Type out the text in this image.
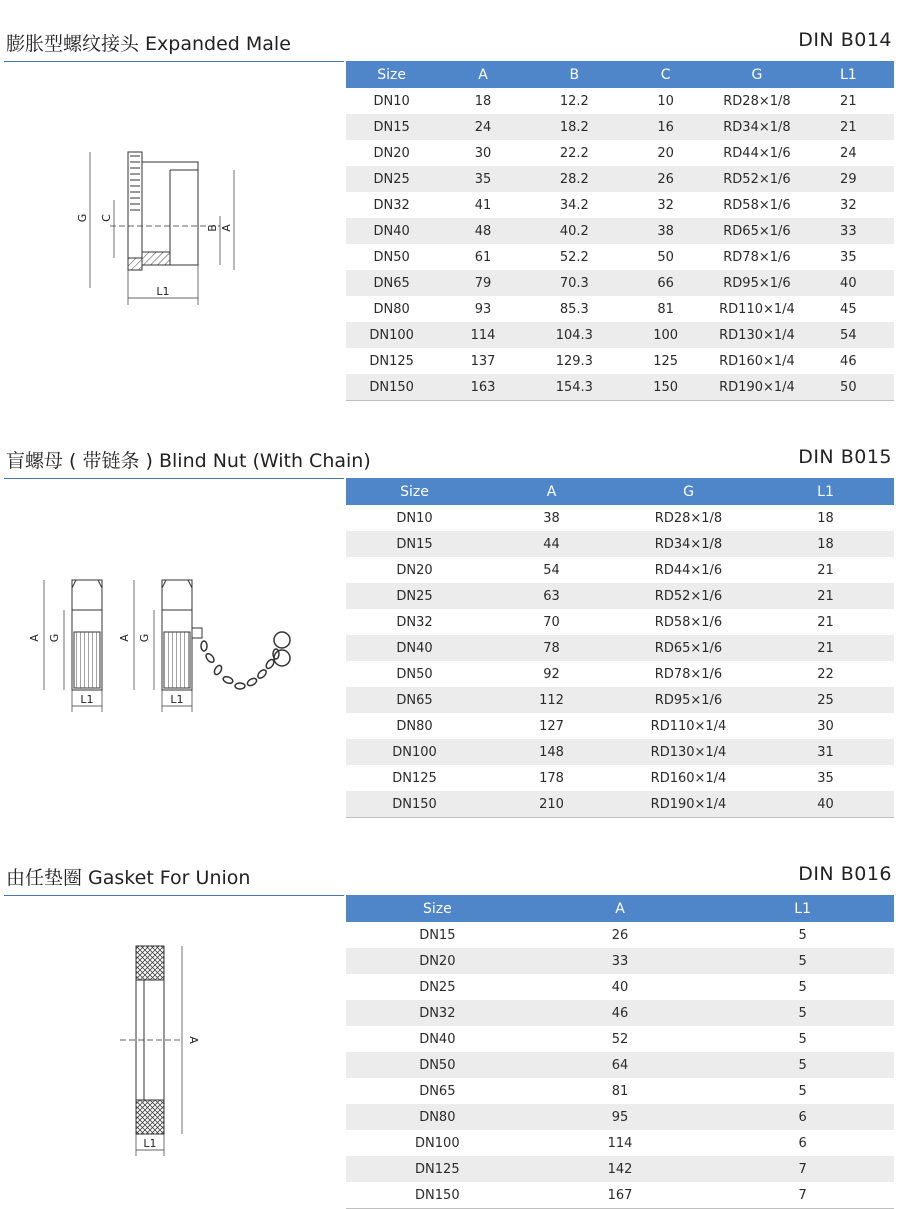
膨胀型螺纹接头 Expanded Male	DIN B014
G C
B A
L1
Size	A	B	C	G	L1
DN10	18	12.2	10	RD28×1/8	21
DN15	24	18.2	16	RD34×1/8	21
DN20	30	22.2	20	RD44×1/6	24
DN25	35	28.2	26	RD52×1/6	29
DN32	41	34.2	32	RD58×1/6	32
DN40	48	40.2	38	RD65×1/6	33
DN50	61	52.2	50	RD78×1/6	35
DN65	79	70.3	66	RD95×1/6	40
DN80	93	85.3	81	RD110×1/4	45
DN100	114	104.3	100	RD130×1/4	54
DN125	137	129.3	125	RD160×1/4	46
DN150	163	154.3	150	RD190×1/4	50
盲螺母 ( 带链条 ) Blind Nut (With Chain)	DIN B015
A G
L1
A G
L1
Size	A	G	L1
DN10	38	RD28×1/8	18
DN15	44	RD34×1/8	18
DN20	54	RD44×1/6	21
DN25	63	RD52×1/6	21
DN32	70	RD58×1/6	21
DN40	78	RD65×1/6	21
DN50	92	RD78×1/6	22
DN65	112	RD95×1/6	25
DN80	127	RD110×1/4	30
DN100	148	RD130×1/4	31
DN125	178	RD160×1/4	35
DN150	210	RD190×1/4	40
由任垫圈 Gasket For Union	DIN B016
A
L1
Size	A	L1
DN15	26	5
DN20	33	5
DN25	40	5
DN32	46	5
DN40	52	5
DN50	64	5
DN65	81	5
DN80	95	6
DN100	114	6
DN125	142	7
DN150	167	7
